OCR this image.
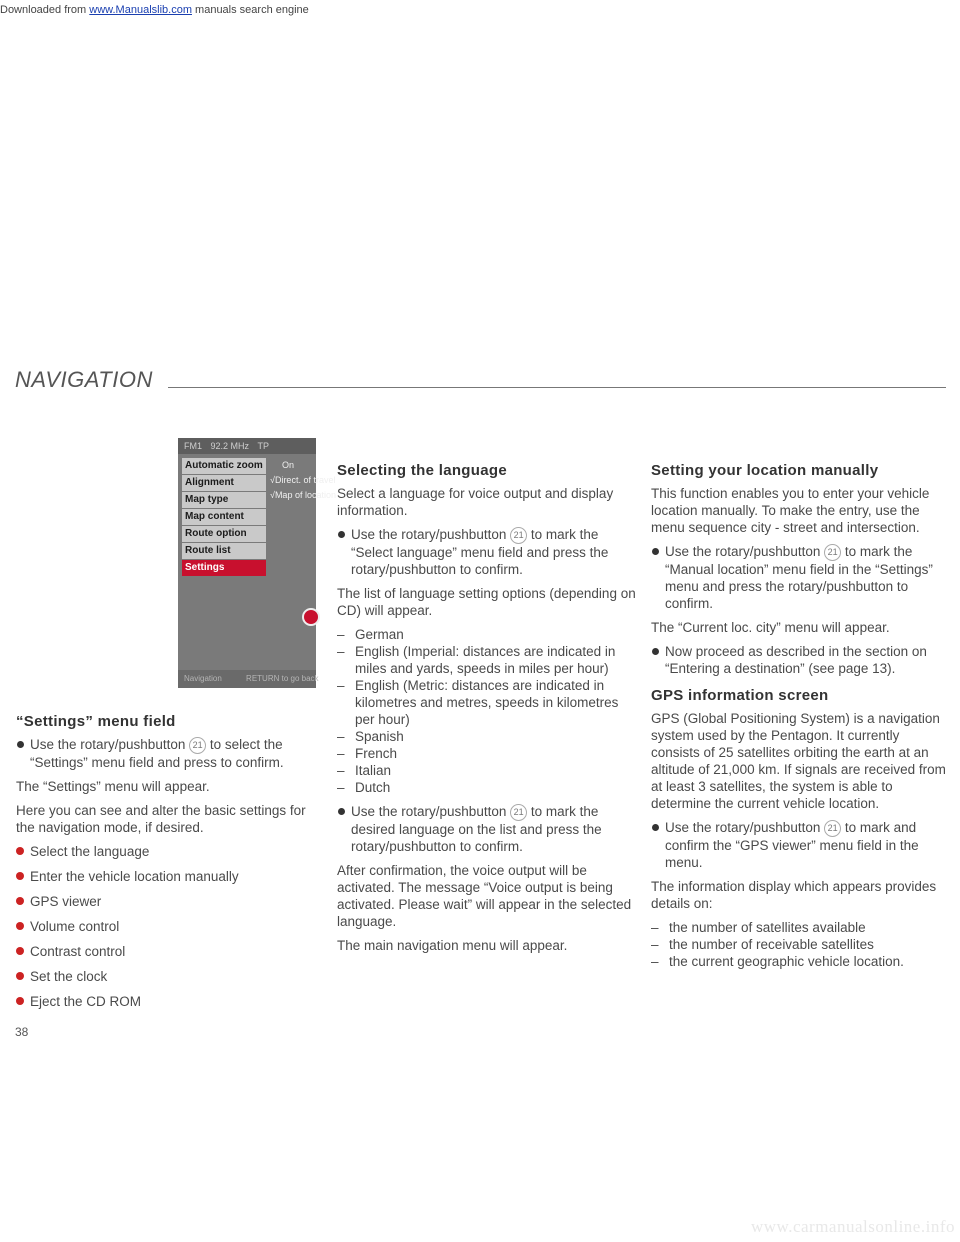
Downloaded from www.Manualslib.com manuals search engine
NAVIGATION
FM1 92.2 MHz TP
Automatic zoom
Alignment
Map type
Map content
Route option
Route list
Settings
On
√Direct. of travel
√Map of location
Navigation	RETURN to go back
“Settings” menu field
Use the rotary/pushbutton 21 to select the “Settings” menu field and press to confirm.

The “Settings” menu will appear.

Here you can see and alter the basic settings for the navigation mode, if desired.

Select the language
Enter the vehicle location manually
GPS viewer
Volume control
Contrast control
Set the clock
Eject the CD ROM
Selecting the language

Select a language for voice output and display information.

Use the rotary/pushbutton 21 to mark the “Select language” menu field and press the rotary/pushbutton to confirm.

The list of language setting options (depending on CD) will appear.

– German
– English (Imperial: distances are indicated in miles and yards, speeds in miles per hour)
– English (Metric: distances are indicated in kilometres and metres, speeds in kilometres per hour)
– Spanish
– French
– Italian
– Dutch
Use the rotary/pushbutton 21 to mark the desired language on the list and press the rotary/pushbutton to confirm.

After confirmation, the voice output will be activated. The message “Voice output is being activated. Please wait” will appear in the selected language.

The main navigation menu will appear.

Setting your location manually

This function enables you to enter your vehicle location manually. To make the entry, use the menu sequence city - street and intersection.

Use the rotary/pushbutton 21 to mark the “Manual location” menu field in the “Settings” menu and press the rotary/pushbutton to confirm.

The “Current loc. city” menu will appear.

Now proceed as described in the section on “Entering a destination” (see page 13).
GPS information screen

GPS (Global Positioning System) is a navigation system used by the Pentagon. It currently consists of 25 satellites orbiting the earth at an altitude of 21,000 km. If signals are received from at least 3 satellites, the system is able to determine the current vehicle location.

Use the rotary/pushbutton 21 to mark and confirm the “GPS viewer” menu field in the menu.

The information display which appears provides details on:

– the number of satellites available
– the number of receivable satellites
– the current geographic vehicle location.
38
www.carmanualsonline.info
